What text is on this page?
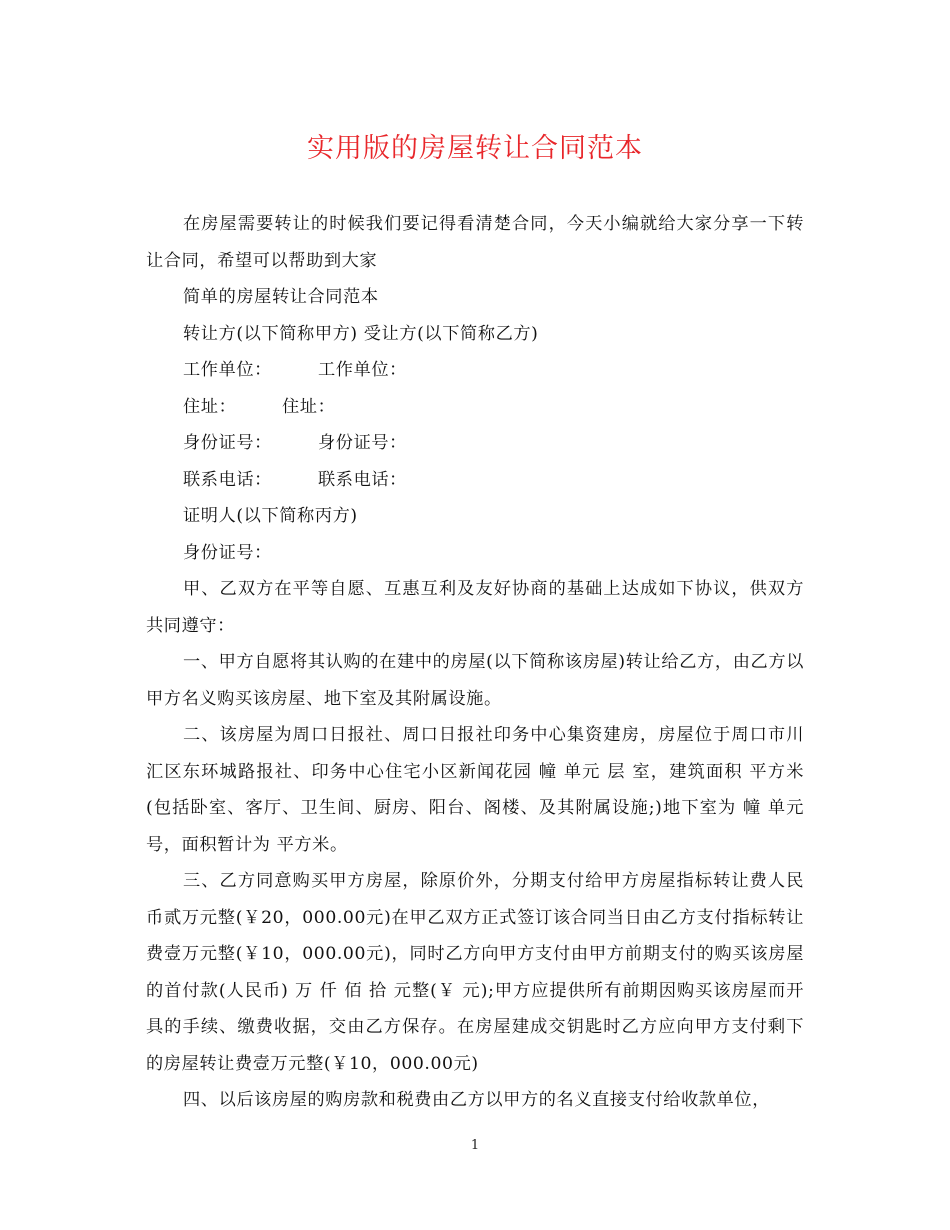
实用版的房屋转让合同范本

在房屋需要转让的时候我们要记得看清楚合同，今天小编就给大家分享一下转让合同，希望可以帮助到大家

简单的房屋转让合同范本

转让方(以下简称甲方) 受让方(以下简称乙方)

工作单位：	工作单位：
住址：	住址：
身份证号：	身份证号：
联系电话：	联系电话：

证明人(以下简称丙方)

身份证号：

甲、乙双方在平等自愿、互惠互利及友好协商的基础上达成如下协议，供双方共同遵守：

一、甲方自愿将其认购的在建中的房屋(以下简称该房屋)转让给乙方，由乙方以甲方名义购买该房屋、地下室及其附属设施。

二、该房屋为周口日报社、周口日报社印务中心集资建房，房屋位于周口市川汇区东环城路报社、印务中心住宅小区新闻花园 幢 单元 层 室，建筑面积 平方米(包括卧室、客厅、卫生间、厨房、阳台、阁楼、及其附属设施;)地下室为 幢 单元 号，面积暂计为 平方米。

三、乙方同意购买甲方房屋，除原价外，分期支付给甲方房屋指标转让费人民币贰万元整(￥20，000.00元)在甲乙双方正式签订该合同当日由乙方支付指标转让费壹万元整(￥10，000.00元)，同时乙方向甲方支付由甲方前期支付的购买该房屋的首付款(人民币) 万 仟 佰 拾 元整(￥ 元);甲方应提供所有前期因购买该房屋而开具的手续、缴费收据，交由乙方保存。在房屋建成交钥匙时乙方应向甲方支付剩下的房屋转让费壹万元整(￥10，000.00元)

四、以后该房屋的购房款和税费由乙方以甲方的名义直接支付给收款单位，

1
